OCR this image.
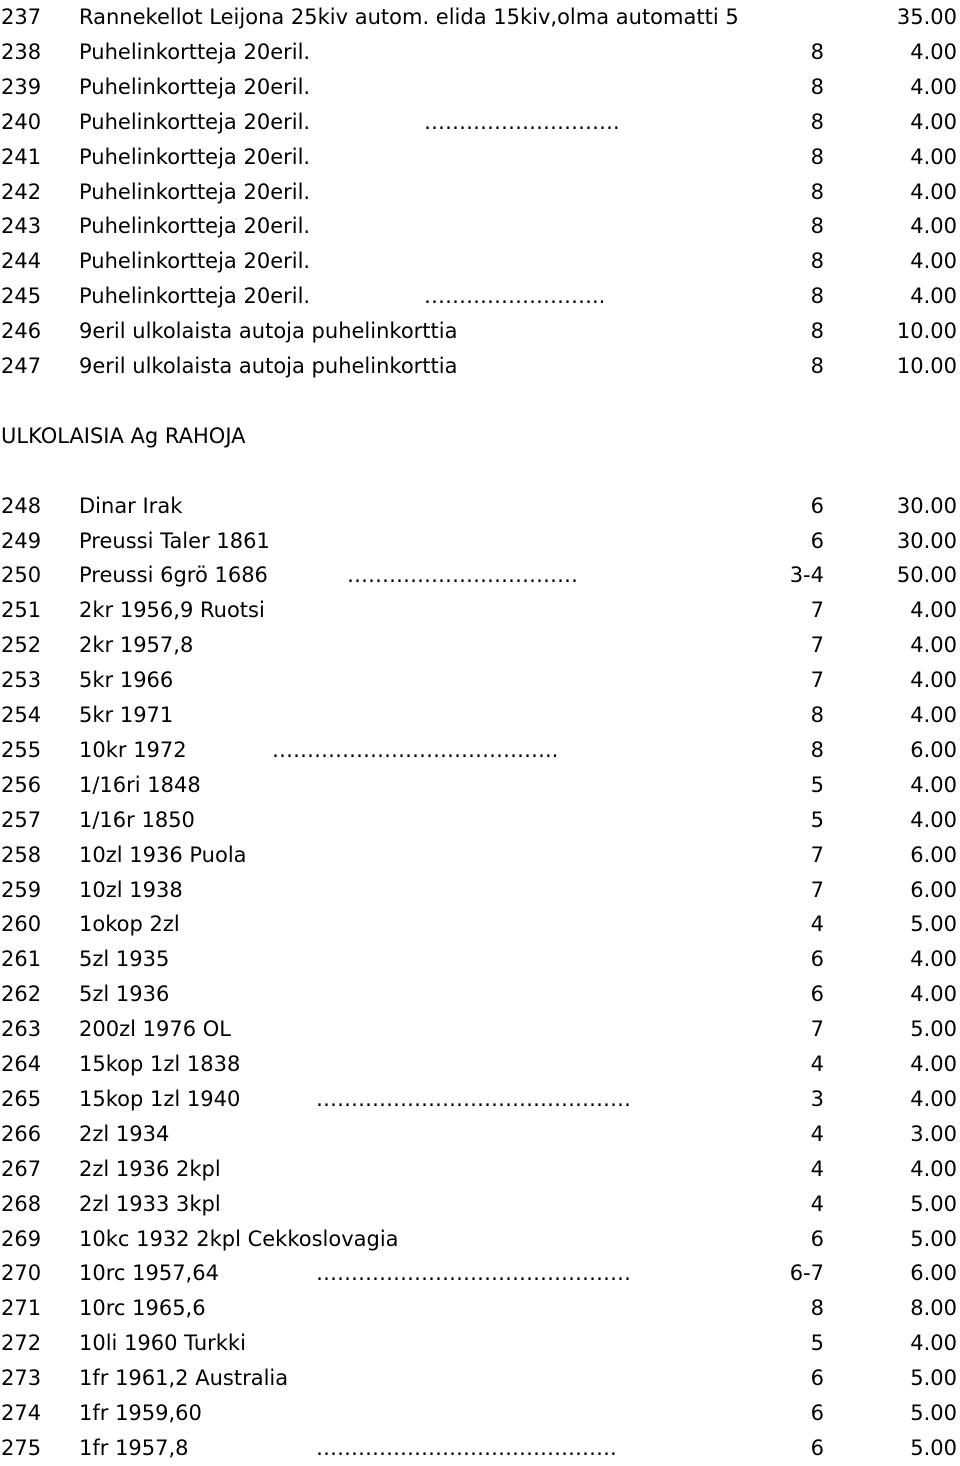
ULKOLAISIA Ag RAHOJA
237 Rannekellot Leijona 25kiv autom. elida 15kiv,olma automatti 5	35.00
238 Puhelinkortteja 20eril.	8	4.00
239 Puhelinkortteja 20eril.	8	4.00
240 Puhelinkortteja 20eril.	……………………….	8	4.00
241 Puhelinkortteja 20eril.	8	4.00
242 Puhelinkortteja 20eril.	8	4.00
243 Puhelinkortteja 20eril.	8	4.00
244 Puhelinkortteja 20eril.	8	4.00
245 Puhelinkortteja 20eril.	……………………..	8	4.00
246 9eril ulkolaista autoja puhelinkorttia	8	10.00
247 9eril ulkolaista autoja puhelinkorttia	8	10.00
248 Dinar Irak	6	30.00
249 Preussi Taler 1861	6	30.00
250 Preussi 6grö 1686	……………………………	3-4	50.00
251 2kr 1956,9 Ruotsi	7	4.00
252 2kr 1957,8	7	4.00
253 5kr 1966	7	4.00
254 5kr 1971	8	4.00
255 10kr 1972	…………………………………..	8	6.00
256 1/16ri 1848	5	4.00
257 1/16r 1850	5	4.00
258 10zl 1936 Puola	7	6.00
259 10zl 1938	7	6.00
260 1okop 2zl	4	5.00
261 5zl 1935	6	4.00
262 5zl 1936	6	4.00
263 200zl 1976 OL	7	5.00
264 15kop 1zl 1838	4	4.00
265 15kop 1zl 1940	………………………………………	3	4.00
266 2zl 1934	4	3.00
267 2zl 1936 2kpl	4	4.00
268 2zl 1933 3kpl	4	5.00
269 10kc 1932 2kpl Cekkoslovagia	6	5.00
270 10rc 1957,64	………………………………………	6-7	6.00
271 10rc 1965,6	8	8.00
272 10li 1960 Turkki	5	4.00
273 1fr 1961,2 Australia	6	5.00
274 1fr 1959,60	6	5.00
275 1fr 1957,8	…………………………………….	6	5.00
